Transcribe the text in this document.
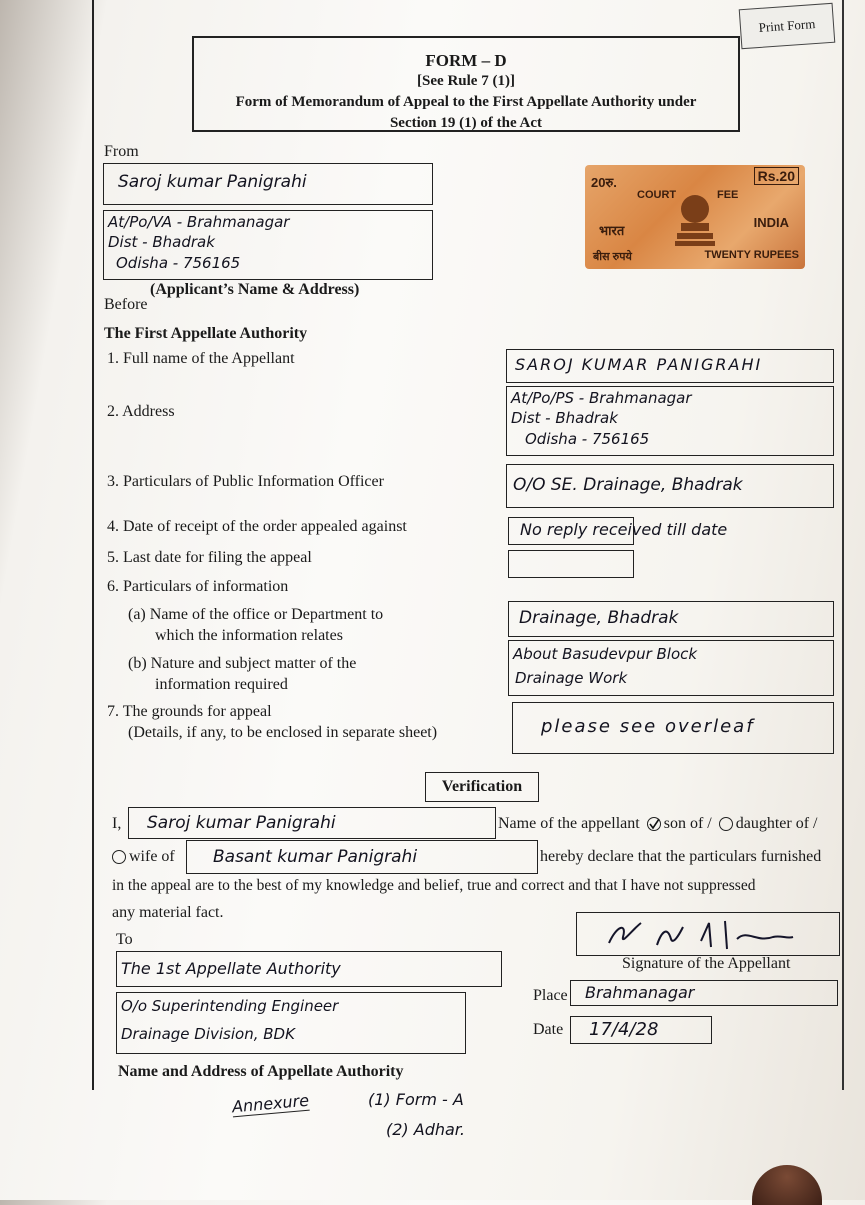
Print Form
FORM – D
[See Rule 7 (1)]
Form of Memorandum of Appeal to the First Appellate Authority under
Section 19 (1) of the Act
20रु.	Rs.20
COURT	FEE
भारत
INDIA
बीस रुपये	TWENTY RUPEES
From
Saroj kumar Panigrahi
At/Po/VA - Brahmanagar
Dist - Bhadrak
Odisha - 756165
(Applicant’s Name & Address)
Before
The First Appellate Authority
1. Full name of the Appellant	SAROJ KUMAR PANIGRAHI
2. Address
At/Po/PS - Brahmanagar
Dist - Bhadrak
Odisha - 756165
3. Particulars of Public Information Officer	O/O SE. Drainage, Bhadrak
4. Date of receipt of the order appealed against	No reply received till date
5. Last date for filing the appeal
6. Particulars of information
(a) Name of the office or Department to
which the information relates
Drainage, Bhadrak
(b) Nature and subject matter of the
information required
About Basudevpur Block
Drainage Work
7. The grounds for appeal
(Details, if any, to be enclosed in separate sheet)	please see overleaf
Verification
I, Saroj kumar Panigrahi	Name of the appellant son of / daughter of /
wife of Basant kumar Panigrahi	hereby declare that the particulars furnished
in the appeal are to the best of my knowledge and belief, true and correct and that I have not suppressed
any material fact.
To
The 1st Appellate Authority
O/o Superintending Engineer
Drainage Division, BDK
Name and Address of Appellate Authority
Signature of the Appellant
Place Brahmanagar
Date 17/4/28
Annexure	(1) Form - A
(2) Adhar.
